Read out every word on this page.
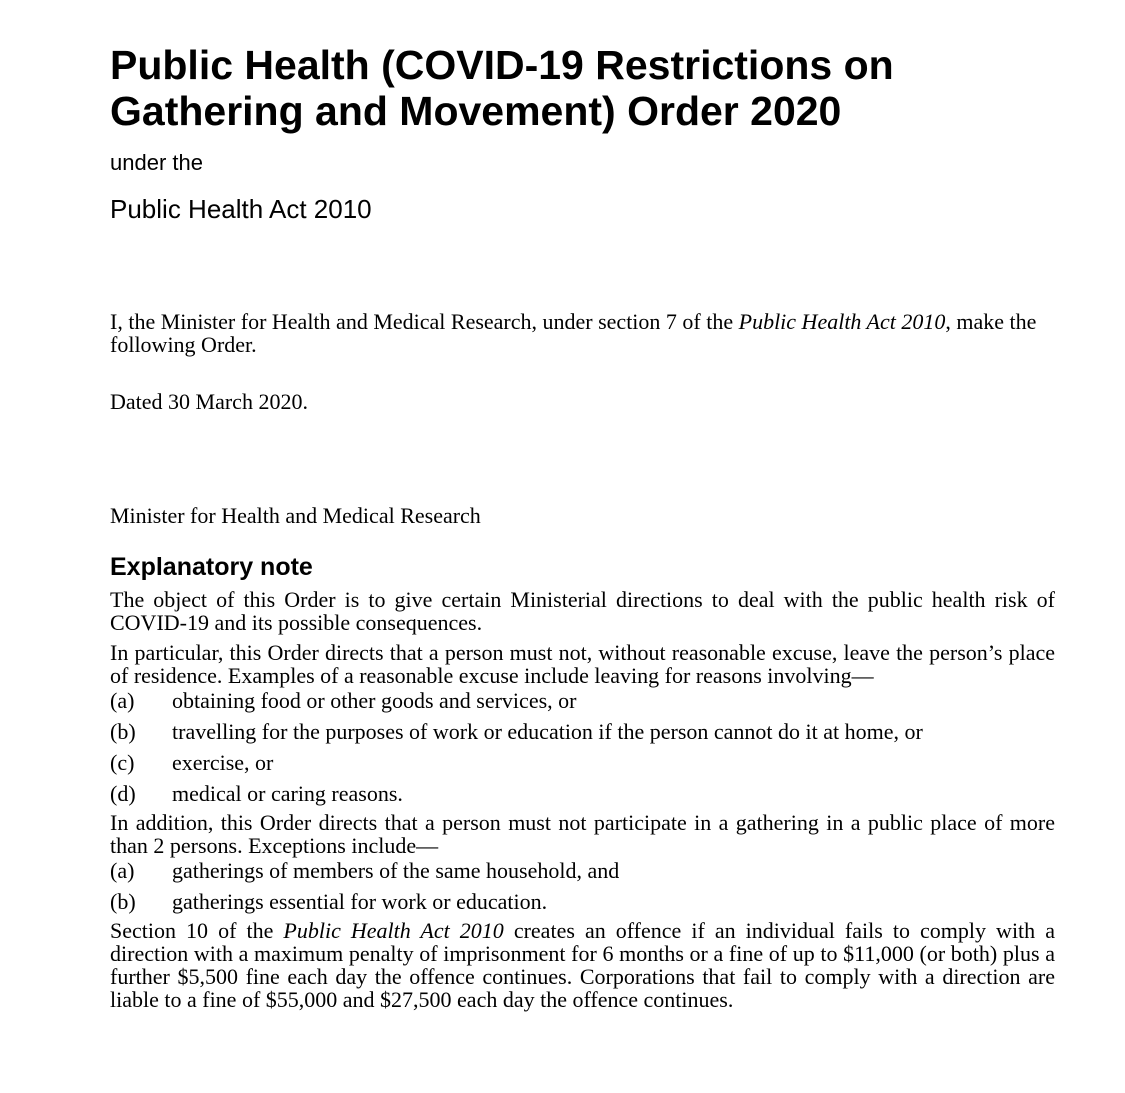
Public Health (COVID-19 Restrictions on
Gathering and Movement) Order 2020
under the
Public Health Act 2010
I, the Minister for Health and Medical Research, under section 7 of the Public Health Act 2010, make the following Order.
Dated 30 March 2020.
Minister for Health and Medical Research
Explanatory note

The object of this Order is to give certain Ministerial directions to deal with the public health risk of COVID-19 and its possible consequences.

In particular, this Order directs that a person must not, without reasonable excuse, leave the person’s place of residence. Examples of a reasonable excuse include leaving for reasons involving—

(a) obtaining food or other goods and services, or
(b) travelling for the purposes of work or education if the person cannot do it at home, or
(c) exercise, or
(d) medical or caring reasons.

In addition, this Order directs that a person must not participate in a gathering in a public place of more than 2 persons. Exceptions include—

(a) gatherings of members of the same household, and
(b) gatherings essential for work or education.

Section 10 of the Public Health Act 2010 creates an offence if an individual fails to comply with a direction with a maximum penalty of imprisonment for 6 months or a fine of up to $11,000 (or both) plus a further $5,500 fine each day the offence continues. Corporations that fail to comply with a direction are liable to a fine of $55,000 and $27,500 each day the offence continues.
